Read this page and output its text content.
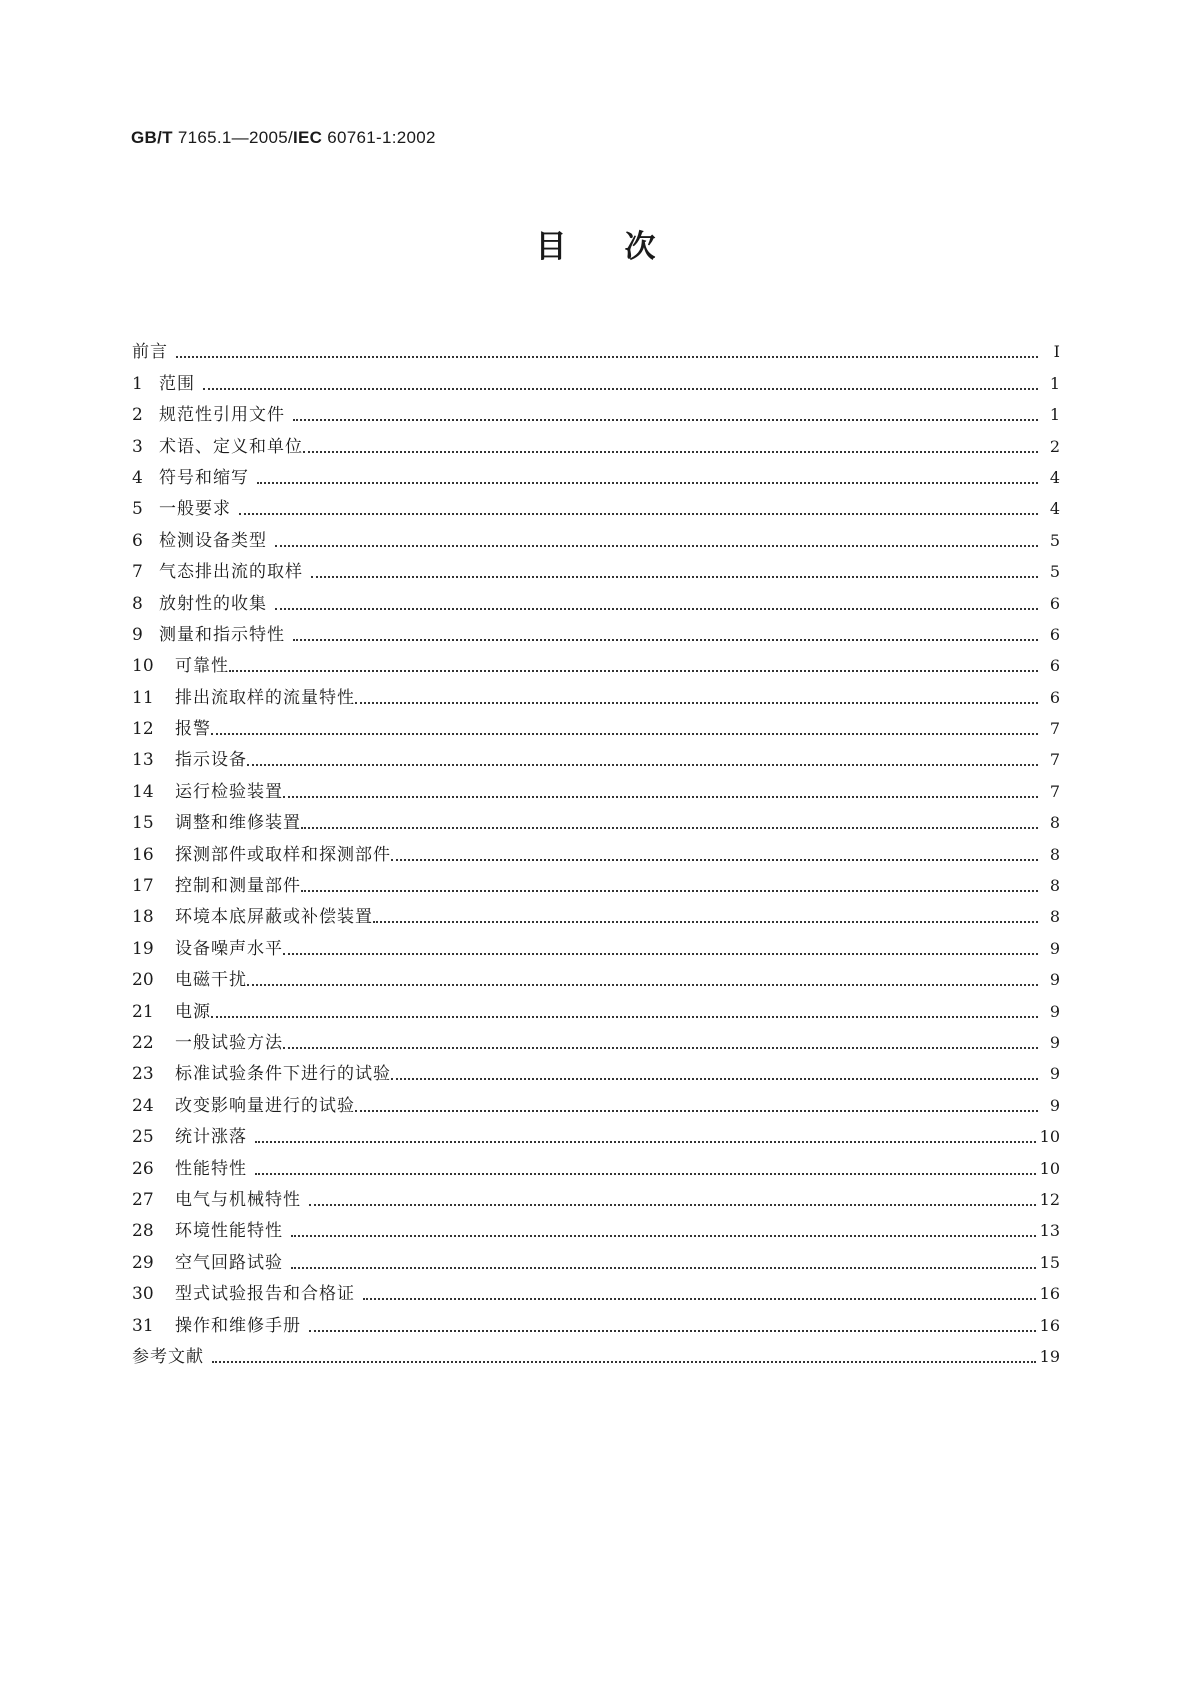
GB/T 7165.1—2005/IEC 60761-1:2002
目次
前言	I
1 范围	1
2 规范性引用文件	1
3 术语、定义和单位	2
4 符号和缩写	4
5 一般要求	4
6 检测设备类型	5
7 气态排出流的取样	5
8 放射性的收集	6
9 测量和指示特性	6
10	可靠性	6
11	排出流取样的流量特性	6
12	报警	7
13	指示设备	7
14	运行检验装置	7
15	调整和维修装置	8
16	探测部件或取样和探测部件	8
17	控制和测量部件	8
18	环境本底屏蔽或补偿装置	8
19	设备噪声水平	9
20	电磁干扰	9
21	电源	9
22	一般试验方法	9
23	标准试验条件下进行的试验	9
24	改变影响量进行的试验	9
25	统计涨落	10
26	性能特性	10
27	电气与机械特性	12
28	环境性能特性	13
29	空气回路试验	15
30	型式试验报告和合格证	16
31	操作和维修手册	16
参考文献	19
